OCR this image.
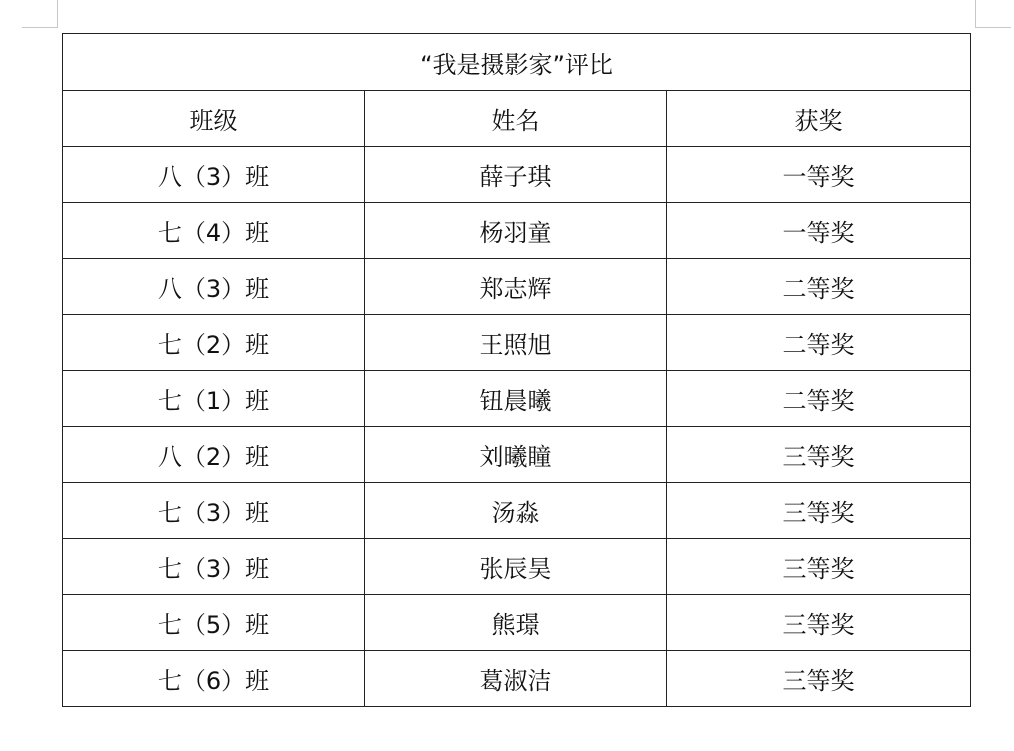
“我是摄影家”评比		
班级	姓名	获奖
八（3）班	薛子琪	一等奖
七（4）班	杨羽童	一等奖
八（3）班	郑志辉	二等奖
七（2）班	王照旭	二等奖
七（1）班	钮晨曦	二等奖
八（2）班	刘曦瞳	三等奖
七（3）班	汤淼	三等奖
七（3）班	张辰昊	三等奖
七（5）班	熊璟	三等奖
七（6）班	葛淑洁	三等奖
